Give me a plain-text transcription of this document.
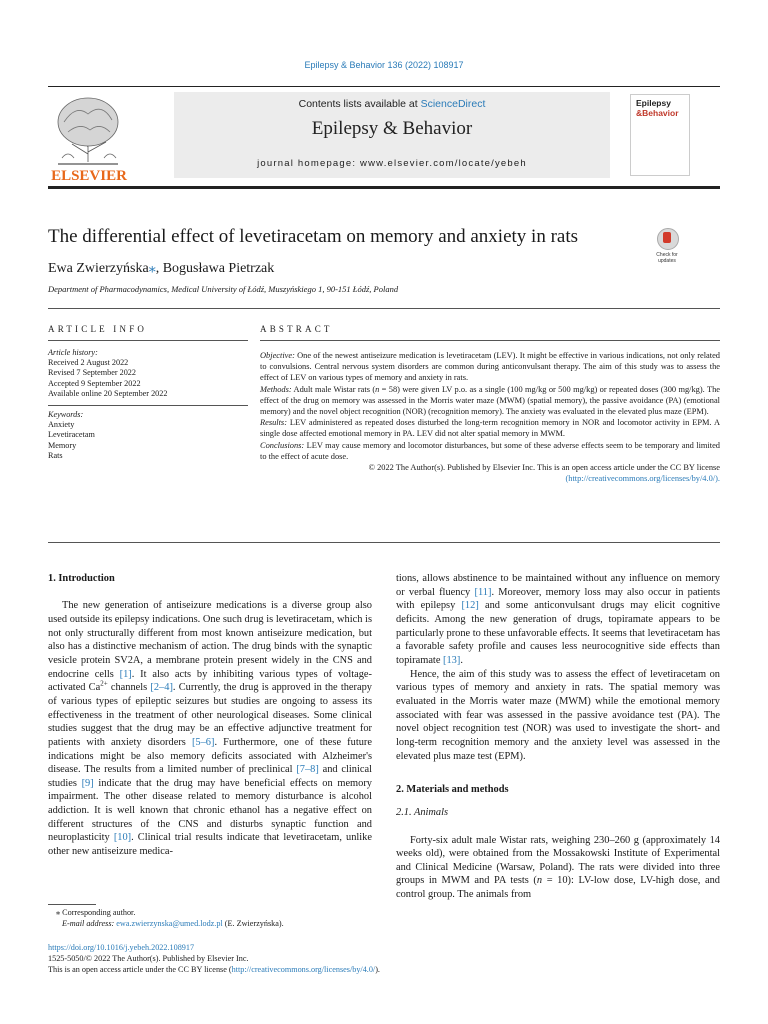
Epilepsy & Behavior 136 (2022) 108917
ELSEVIER
Contents lists available at ScienceDirect
Epilepsy & Behavior
journal homepage: www.elsevier.com/locate/yebeh
Epilepsy
&Behavior
The differential effect of levetiracetam on memory and anxiety in rats
Check for updates
Ewa Zwierzyńska⁎, Bogusława Pietrzak
Department of Pharmacodynamics, Medical University of Łódź, Muszyńskiego 1, 90-151 Łódź, Poland
ARTICLE INFO
Article history:
Received 2 August 2022
Revised 7 September 2022
Accepted 9 September 2022
Available online 20 September 2022
Keywords:
Anxiety
Levetiracetam
Memory
Rats
ABSTRACT

Objective: One of the newest antiseizure medication is levetiracetam (LEV). It might be effective in various indications, not only related to convulsions. Central nervous system disorders are common during anticonvulsant therapy. The aim of this study was to assess the effect of LEV on various types of memory and anxiety in rats.

Methods: Adult male Wistar rats (n = 58) were given LV p.o. as a single (100 mg/kg or 500 mg/kg) or repeated doses (300 mg/kg). The effect of the drug on memory was assessed in the Morris water maze (MWM) (spatial memory), the passive avoidance (PA) (emotional memory) and the novel object recognition (NOR) (recognition memory). The anxiety was evaluated in the elevated plus maze (EPM).

Results: LEV administered as repeated doses disturbed the long-term recognition memory in NOR and locomotor activity in EPM. A single dose affected emotional memory in PA. LEV did not alter spatial memory in MWM.

Conclusions: LEV may cause memory and locomotor disturbances, but some of these adverse effects seem to be temporary and limited to the effect of acute dose.

© 2022 The Author(s). Published by Elsevier Inc. This is an open access article under the CC BY license
(http://creativecommons.org/licenses/by/4.0/).

1. Introduction

The new generation of antiseizure medications is a diverse group also used outside its epilepsy indications. One such drug is levetiracetam, which is not only structurally different from most known antiseizure medication, but also has a distinctive mechanism of action. The drug binds with the synaptic vesicle protein SV2A, a membrane protein present widely in the CNS and endocrine cells [1]. It also acts by inhibiting various types of voltage-activated $Ca^{2+}$ channels [2–4]. Currently, the drug is approved in the therapy of various types of epileptic seizures but studies are ongoing to assess its effectiveness in the treatment of other neurological diseases. Some clinical studies suggest that the drug may be an effective adjunctive treatment for patients with anxiety disorders [5–6]. Furthermore, one of these future indications might be also memory deficits associated with Alzheimer's disease. The results from a limited number of preclinical [7–8] and clinical studies [9] indicate that the drug may have beneficial effects on memory impairment. The other disease related to memory disturbance is alcohol addiction. It is well known that chronic ethanol has a negative effect on different structures of the CNS and disturbs synaptic function and neuroplasticity [10]. Clinical trial results indicate that levetiracetam, unlike other new antiseizure medica-

tions, allows abstinence to be maintained without any influence on memory or verbal fluency [11]. Moreover, memory loss may also occur in patients with epilepsy [12] and some anticonvulsant drugs may elicit cognitive deficits. Among the new generation of drugs, topiramate appears to be particularly prone to these unfavorable effects. It seems that levetiracetam has a favorable safety profile and causes less neurocognitive side effects than topiramate [13].

Hence, the aim of this study was to assess the effect of levetiracetam on various types of memory and anxiety in rats. The spatial memory was evaluated in the Morris water maze (MWM) while the emotional memory associated with fear was assessed in the passive avoidance test (PA). The novel object recognition test (NOR) was used to investigate the short- and long-term recognition memory and the anxiety level was assessed in the elevated plus maze test (EPM).

2. Materials and methods
2.1. Animals

Forty-six adult male Wistar rats, weighing 230–260 g (approximately 14 weeks old), were obtained from the Mossakowski Institute of Experimental and Clinical Medicine (Warsaw, Poland). The rats were divided into three groups in MWM and PA tests (n = 10): LV-low dose, LV-high dose, and control group. The animals from

⁎ Corresponding author.
E-mail address: ewa.zwierzynska@umed.lodz.pl (E. Zwierzyńska).
https://doi.org/10.1016/j.yebeh.2022.108917
1525-5050/© 2022 The Author(s). Published by Elsevier Inc.
This is an open access article under the CC BY license (http://creativecommons.org/licenses/by/4.0/).
